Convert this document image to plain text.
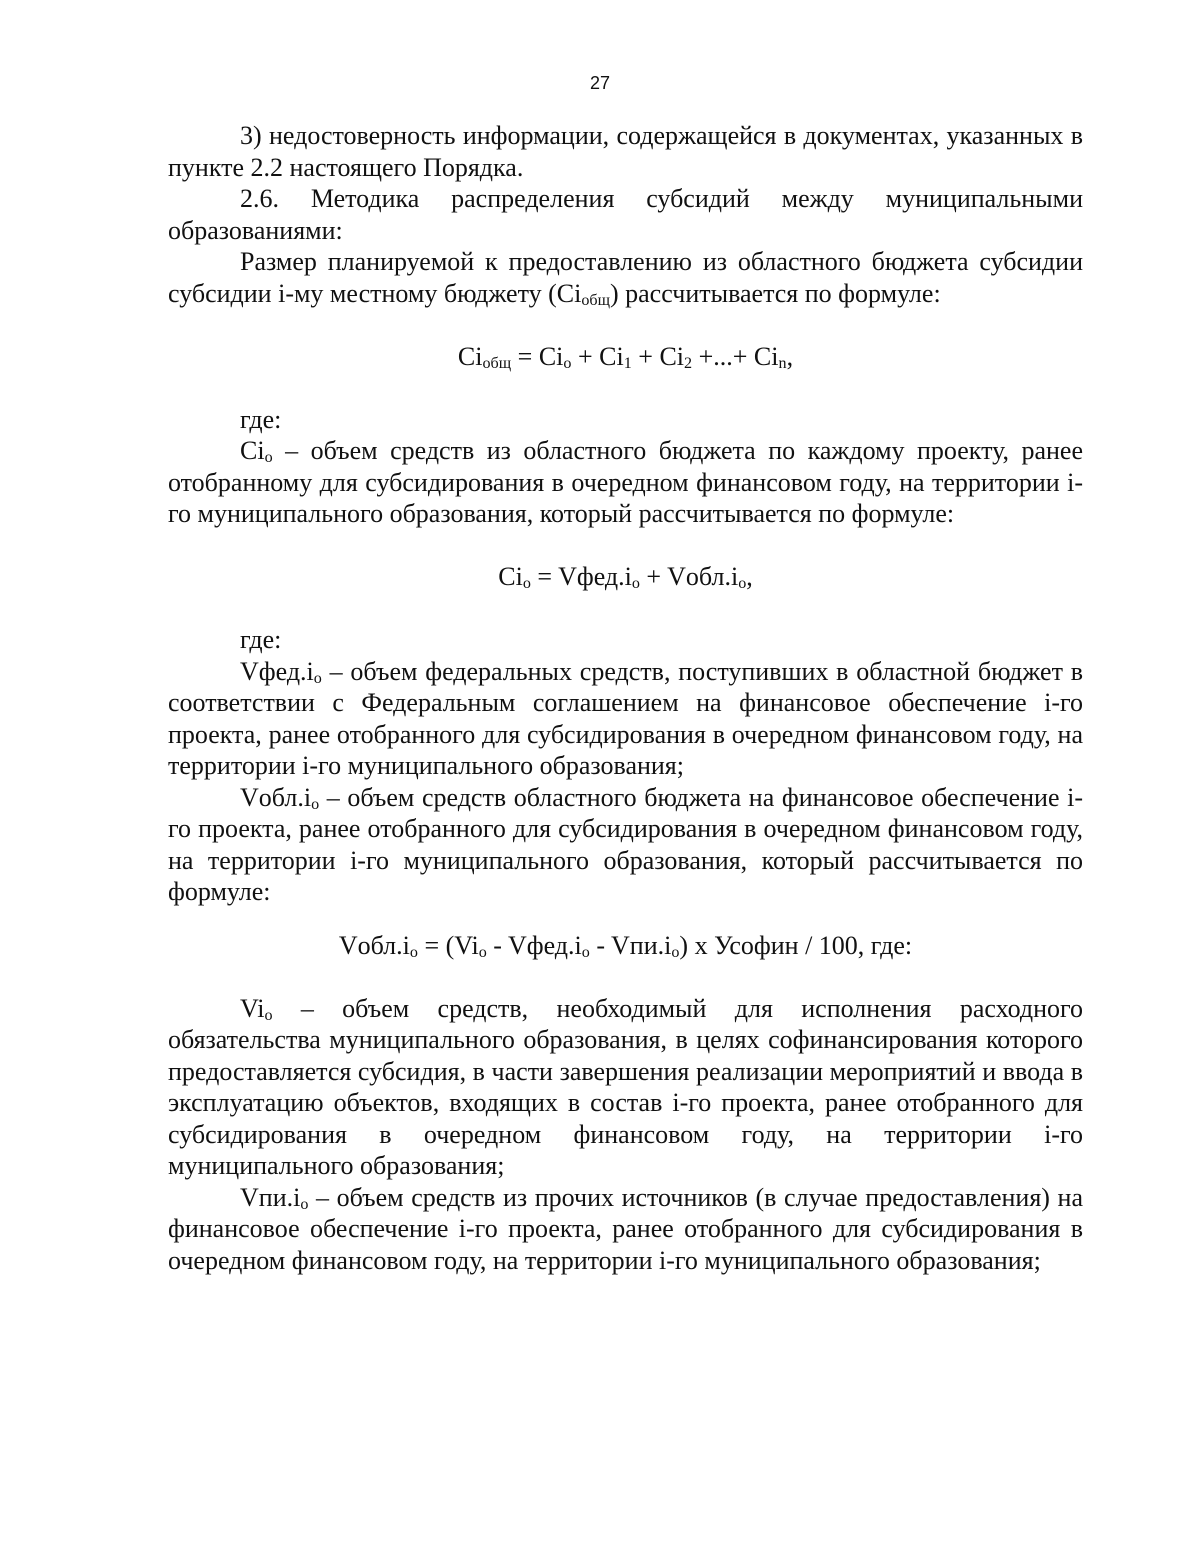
27

3) недостоверность информации, содержащейся в документах, указанных в пункте 2.2 настоящего Порядка.

2.6. Методика распределения субсидий между муниципальными образованиями:

Размер планируемой к предоставлению из областного бюджета субсидии субсидии i-му местному бюджету $(Ci_{общ})$ рассчитывается по формуле:

$Ci_{общ} = Ci_o + Ci_1 + Ci_2$ +...+ $Ci_n$,

где:

$Ci_o$ – объем средств из областного бюджета по каждому проекту, ранее отобранному для субсидирования в очередном финансовом году, на территории i-го муниципального образования, который рассчитывается по формуле:

$Ci_o$ = $Vфед.i_o$ + $Vобл.i_o$,

где:

$Vфед.i_o$ – объем федеральных средств, поступивших в областной бюджет в соответствии с Федеральным соглашением на финансовое обеспечение i-го проекта, ранее отобранного для субсидирования в очередном финансовом году, на территории i-го муниципального образования;

$Vобл.i_o$ – объем средств областного бюджета на финансовое обеспечение i-го проекта, ранее отобранного для субсидирования в очередном финансовом году, на территории i-го муниципального образования, который рассчитывается по формуле:

$Vобл.i_o = (Vi_o$ - $Vфед.i_o - Vпи.i_o$) х Усофин / 100, где:

$Vi_o$ – объем средств, необходимый для исполнения расходного обязательства муниципального образования, в целях софинансирования которого предоставляется субсидия, в части завершения реализации мероприятий и ввода в эксплуатацию объектов, входящих в состав i-го проекта, ранее отобранного для субсидирования в очередном финансовом году, на территории i-го муниципального образования;

$Vпи.i_o$ – объем средств из прочих источников (в случае предоставления) на финансовое обеспечение i-го проекта, ранее отобранного для субсидирования в очередном финансовом году, на территории i-го муниципального образования;
